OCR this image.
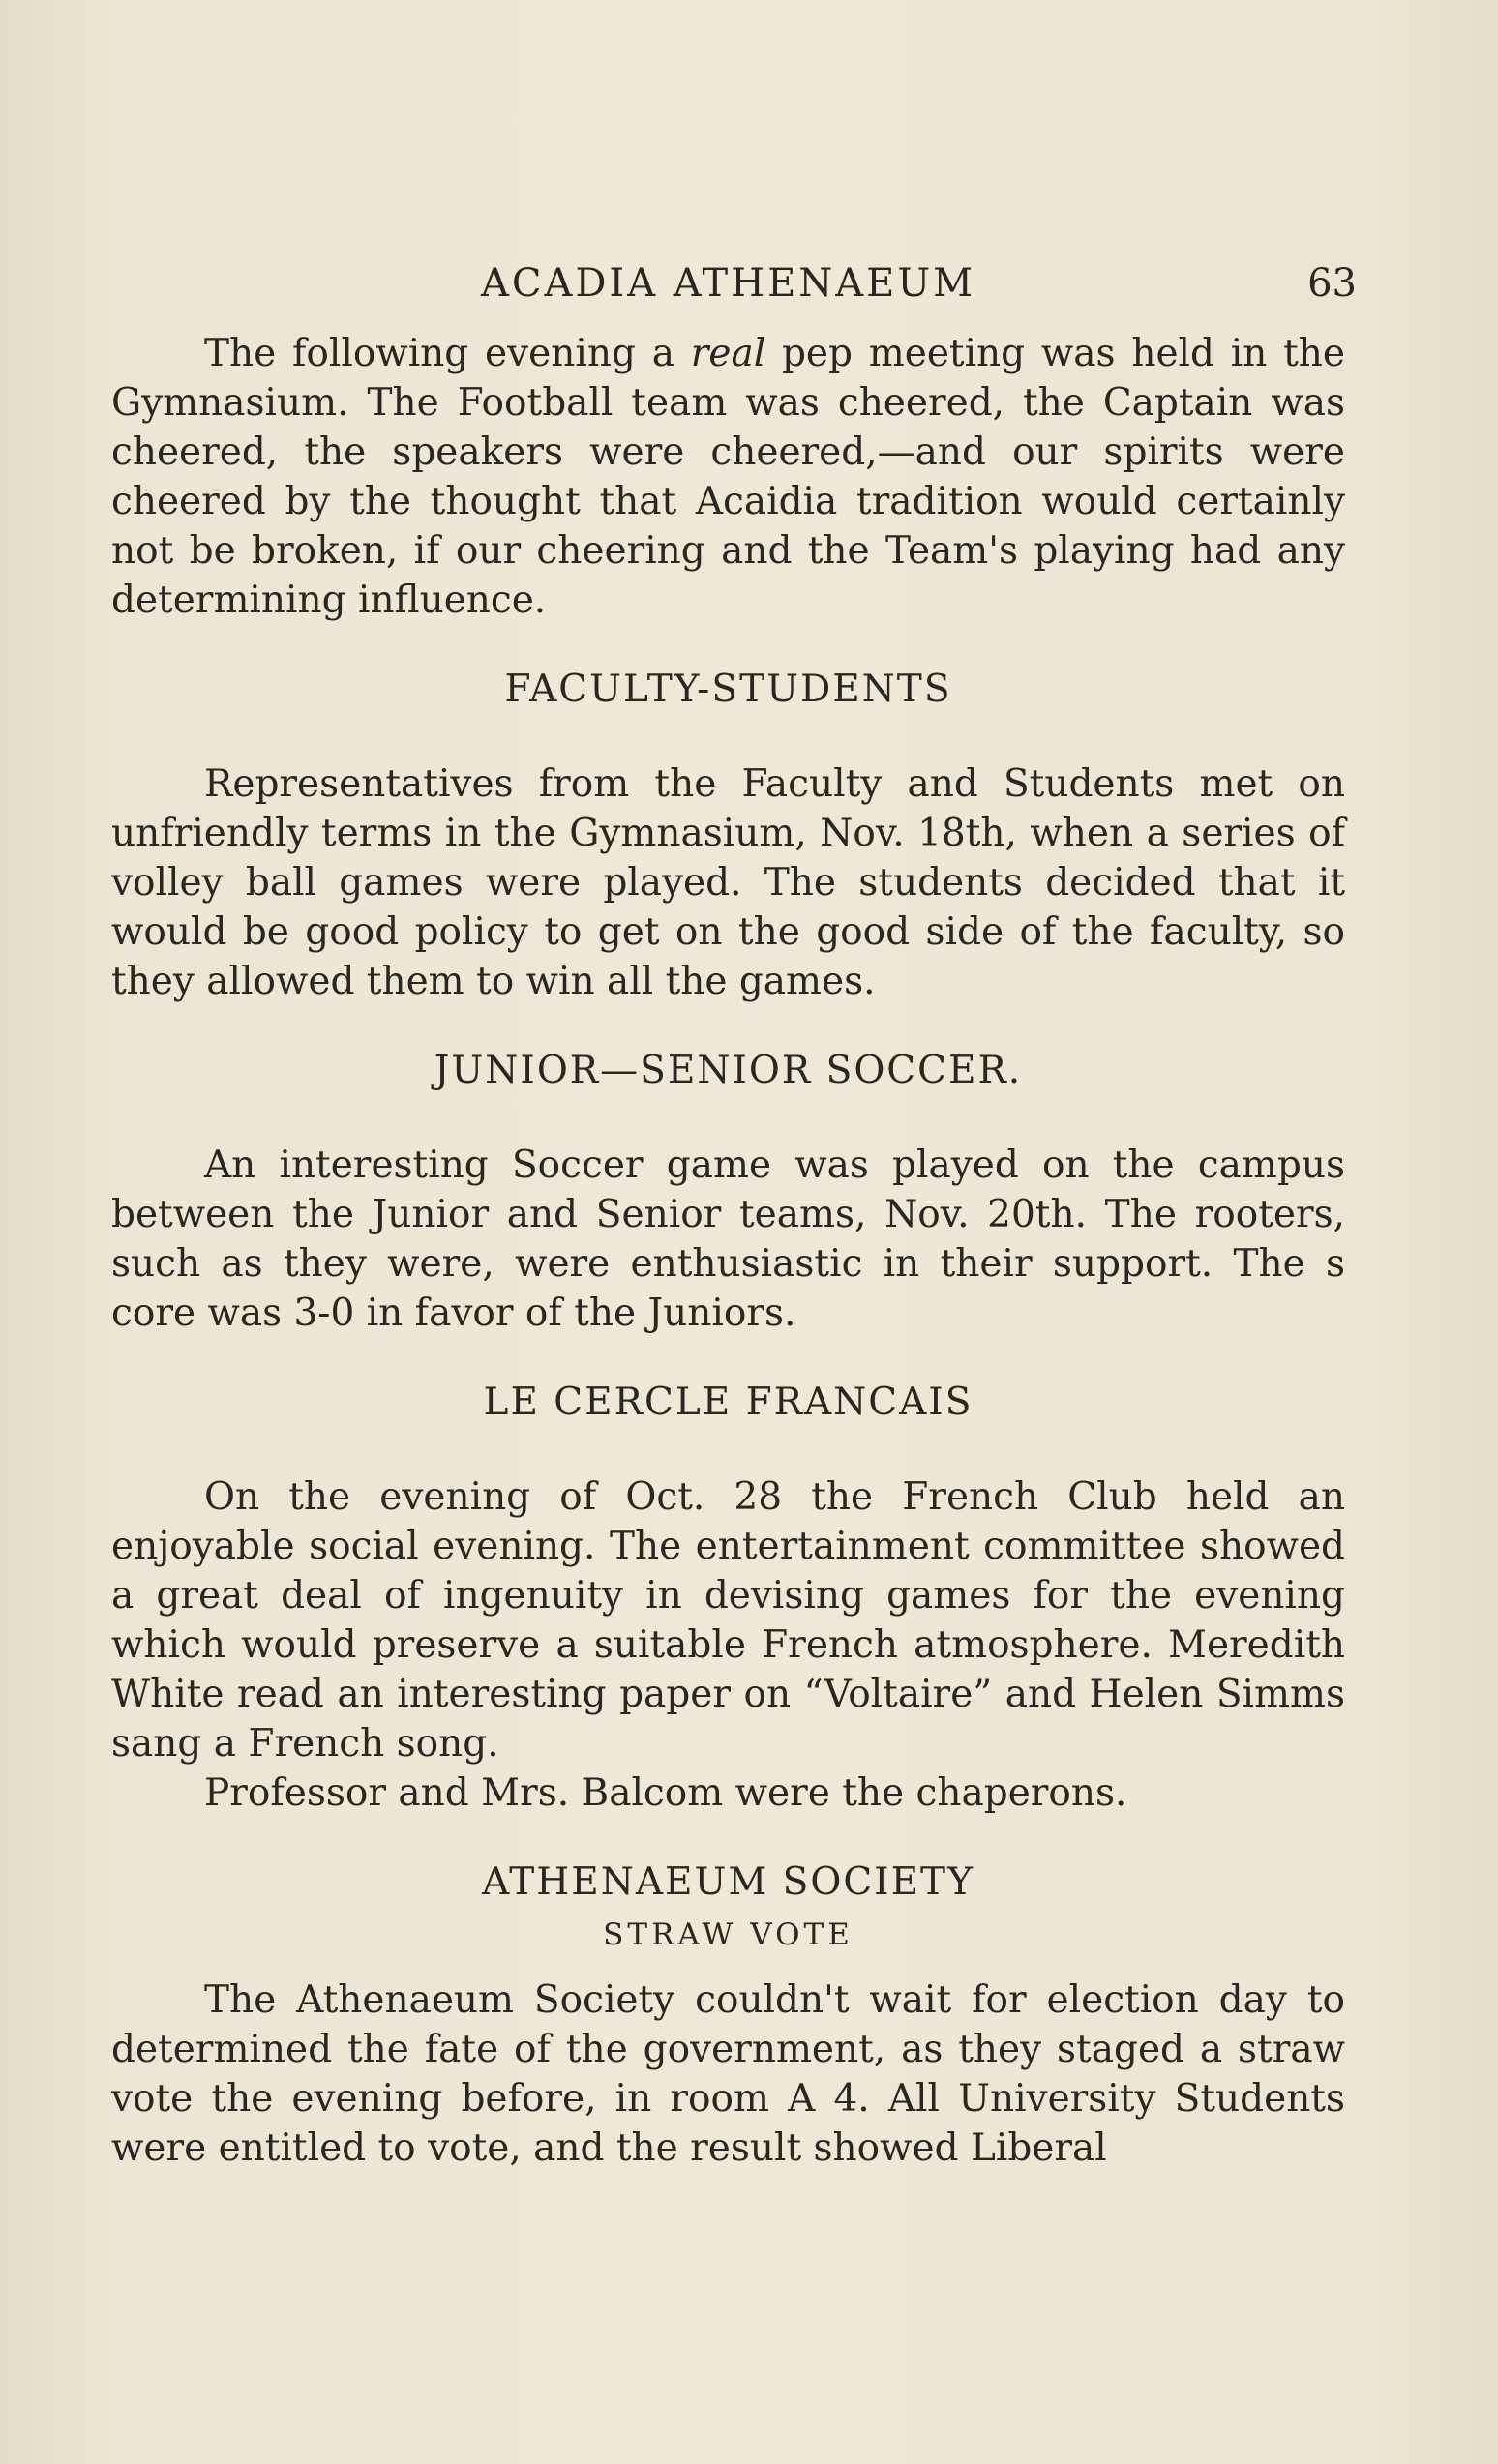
ACADIA ATHENAEUM	63

The following evening a real pep meeting was held in the Gymnasium. The Football team was cheered, the Captain was cheered, the speakers were cheered,—and our spirits were cheered by the thought that Acaidia tradition would certainly not be broken, if our cheering and the Team's playing had any determining influence.

FACULTY-STUDENTS

Representatives from the Faculty and Students met on unfriendly terms in the Gymnasium, Nov. 18th, when a series of volley ball games were played. The students decided that it would be good policy to get on the good side of the faculty, so they allowed them to win all the games.

JUNIOR—SENIOR SOCCER.

An interesting Soccer game was played on the campus between the Junior and Senior teams, Nov. 20th. The rooters, such as they were, were enthusiastic in their support. The s core was 3-0 in favor of the Juniors.

LE CERCLE FRANCAIS

On the evening of Oct. 28 the French Club held an enjoyable social evening. The entertainment committee showed a great deal of ingenuity in devising games for the evening which would preserve a suitable French atmosphere. Meredith White read an interesting paper on “Voltaire” and Helen Simms sang a French song.

Professor and Mrs. Balcom were the chaperons.

ATHENAEUM SOCIETY
STRAW VOTE

The Athenaeum Society couldn't wait for election day to determined the fate of the government, as they staged a straw vote the evening before, in room A 4. All University Students were entitled to vote, and the result showed Liberal
